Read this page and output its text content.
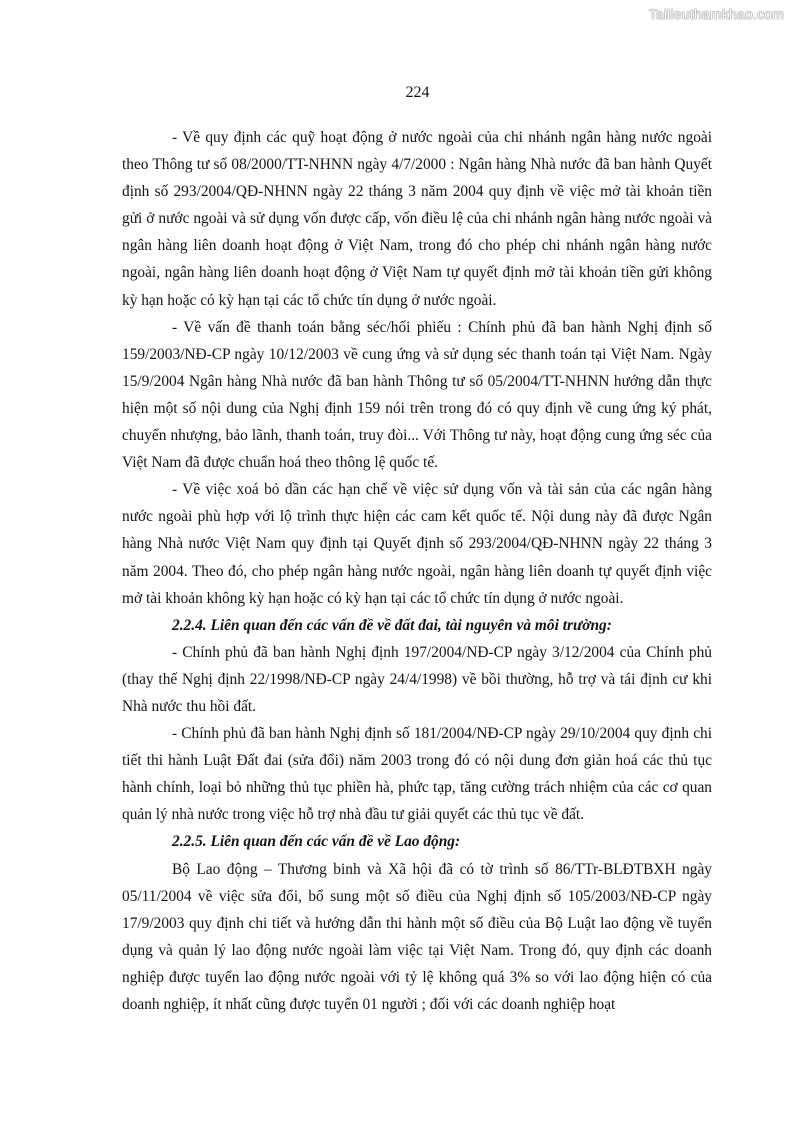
Tailieuthamkhao.com
224

- Về quy định các quỹ hoạt động ở nước ngoài của chi nhánh ngân hàng nước ngoài theo Thông tư số 08/2000/TT-NHNN ngày 4/7/2000 : Ngân hàng Nhà nước đã ban hành Quyết định số 293/2004/QĐ-NHNN ngày 22 tháng 3 năm 2004 quy định về việc mở tài khoản tiền gửi ở nước ngoài và sử dụng vốn được cấp, vốn điều lệ của chi nhánh ngân hàng nước ngoài và ngân hàng liên doanh hoạt động ở Việt Nam, trong đó cho phép chi nhánh ngân hàng nước ngoài, ngân hàng liên doanh hoạt động ở Việt Nam tự quyết định mở tài khoản tiền gửi không kỳ hạn hoặc có kỳ hạn tại các tổ chức tín dụng ở nước ngoài.

- Về vấn đề thanh toán bằng séc/hối phiếu : Chính phủ đã ban hành Nghị định số 159/2003/NĐ-CP ngày 10/12/2003 về cung ứng và sử dụng séc thanh toán tại Việt Nam. Ngày 15/9/2004 Ngân hàng Nhà nước đã ban hành Thông tư số 05/2004/TT-NHNN hướng dẫn thực hiện một số nội dung của Nghị định 159 nói trên trong đó có quy định về cung ứng ký phát, chuyển nhượng, bảo lãnh, thanh toán, truy đòi... Với Thông tư này, hoạt động cung ứng séc của Việt Nam đã được chuẩn hoá theo thông lệ quốc tế.

- Về việc xoá bỏ dần các hạn chế về việc sử dụng vốn và tài sản của các ngân hàng nước ngoài phù hợp với lộ trình thực hiện các cam kết quốc tế. Nội dung này đã được Ngân hàng Nhà nước Việt Nam quy định tại Quyết định số 293/2004/QĐ-NHNN ngày 22 tháng 3 năm 2004. Theo đó, cho phép ngân hàng nước ngoài, ngân hàng liên doanh tự quyết định việc mở tài khoản không kỳ hạn hoặc có kỳ hạn tại các tổ chức tín dụng ở nước ngoài.

2.2.4. Liên quan đến các vấn đề về đất đai, tài nguyên và môi trường:

- Chính phủ đã ban hành Nghị định 197/2004/NĐ-CP ngày 3/12/2004 của Chính phủ (thay thế Nghị định 22/1998/NĐ-CP ngày 24/4/1998) về bồi thường, hỗ trợ và tái định cư khi Nhà nước thu hồi đất.

- Chính phủ đã ban hành Nghị định số 181/2004/NĐ-CP ngày 29/10/2004 quy định chi tiết thi hành Luật Đất đai (sửa đổi) năm 2003 trong đó có nội dung đơn giản hoá các thủ tục hành chính, loại bỏ những thủ tục phiền hà, phức tạp, tăng cường trách nhiệm của các cơ quan quản lý nhà nước trong việc hỗ trợ nhà đầu tư giải quyết các thủ tục về đất.

2.2.5. Liên quan đến các vấn đề về Lao động:

Bộ Lao động – Thương binh và Xã hội đã có tờ trình số 86/TTr-BLĐTBXH ngày 05/11/2004 về việc sửa đổi, bổ sung một số điều của Nghị định số 105/2003/NĐ-CP ngày 17/9/2003 quy định chi tiết và hướng dẫn thi hành một số điều của Bộ Luật lao động về tuyển dụng và quản lý lao động nước ngoài làm việc tại Việt Nam. Trong đó, quy định các doanh nghiệp được tuyển lao động nước ngoài với tỷ lệ không quá 3% so với lao động hiện có của doanh nghiệp, ít nhất cũng được tuyển 01 người ; đối với các doanh nghiệp hoạt
